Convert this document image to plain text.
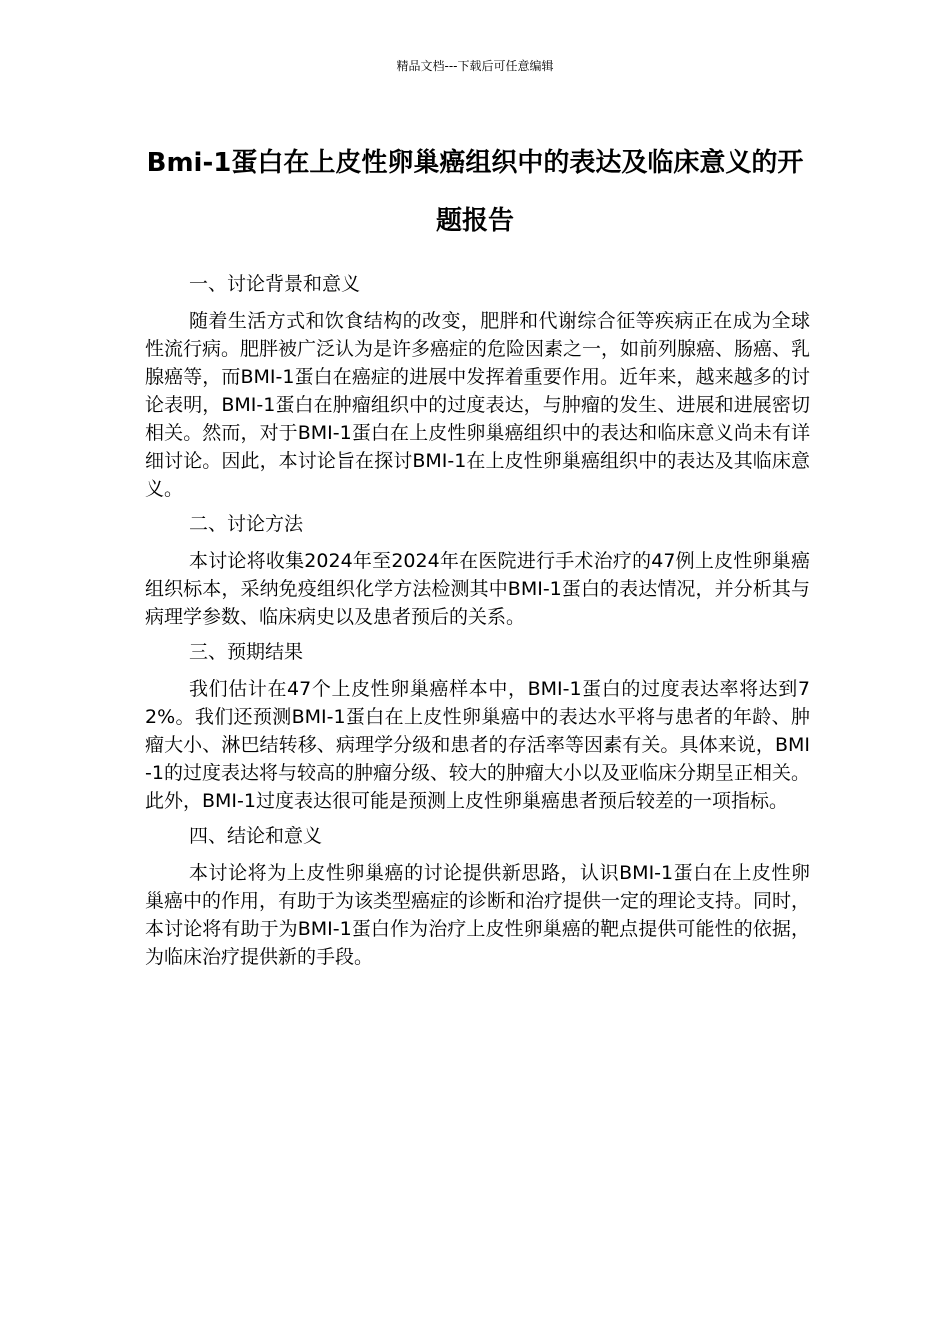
精品文档---下载后可任意编辑
Bmi-1蛋白在上皮性卵巢癌组织中的表达及临床意义的开题报告
一、讨论背景和意义

随着生活方式和饮食结构的改变，肥胖和代谢综合征等疾病正在成为全球性流行病。肥胖被广泛认为是许多癌症的危险因素之一，如前列腺癌、肠癌、乳腺癌等，而BMI-1蛋白在癌症的进展中发挥着重要作用。近年来，越来越多的讨论表明，BMI-1蛋白在肿瘤组织中的过度表达，与肿瘤的发生、进展和进展密切相关。然而，对于BMI-1蛋白在上皮性卵巢癌组织中的表达和临床意义尚未有详细讨论。因此，本讨论旨在探讨BMI-1在上皮性卵巢癌组织中的表达及其临床意义。

二、讨论方法

本讨论将收集2024年至2024年在医院进行手术治疗的47例上皮性卵巢癌组织标本，采纳免疫组织化学方法检测其中BMI-1蛋白的表达情况，并分析其与病理学参数、临床病史以及患者预后的关系。

三、预期结果

我们估计在47个上皮性卵巢癌样本中，BMI-1蛋白的过度表达率将达到72%。我们还预测BMI-1蛋白在上皮性卵巢癌中的表达水平将与患者的年龄、肿瘤大小、淋巴结转移、病理学分级和患者的存活率等因素有关。具体来说，BMI-1的过度表达将与较高的肿瘤分级、较大的肿瘤大小以及亚临床分期呈正相关。此外，BMI-1过度表达很可能是预测上皮性卵巢癌患者预后较差的一项指标。

四、结论和意义

本讨论将为上皮性卵巢癌的讨论提供新思路，认识BMI-1蛋白在上皮性卵巢癌中的作用，有助于为该类型癌症的诊断和治疗提供一定的理论支持。同时，本讨论将有助于为BMI-1蛋白作为治疗上皮性卵巢癌的靶点提供可能性的依据，为临床治疗提供新的手段。
